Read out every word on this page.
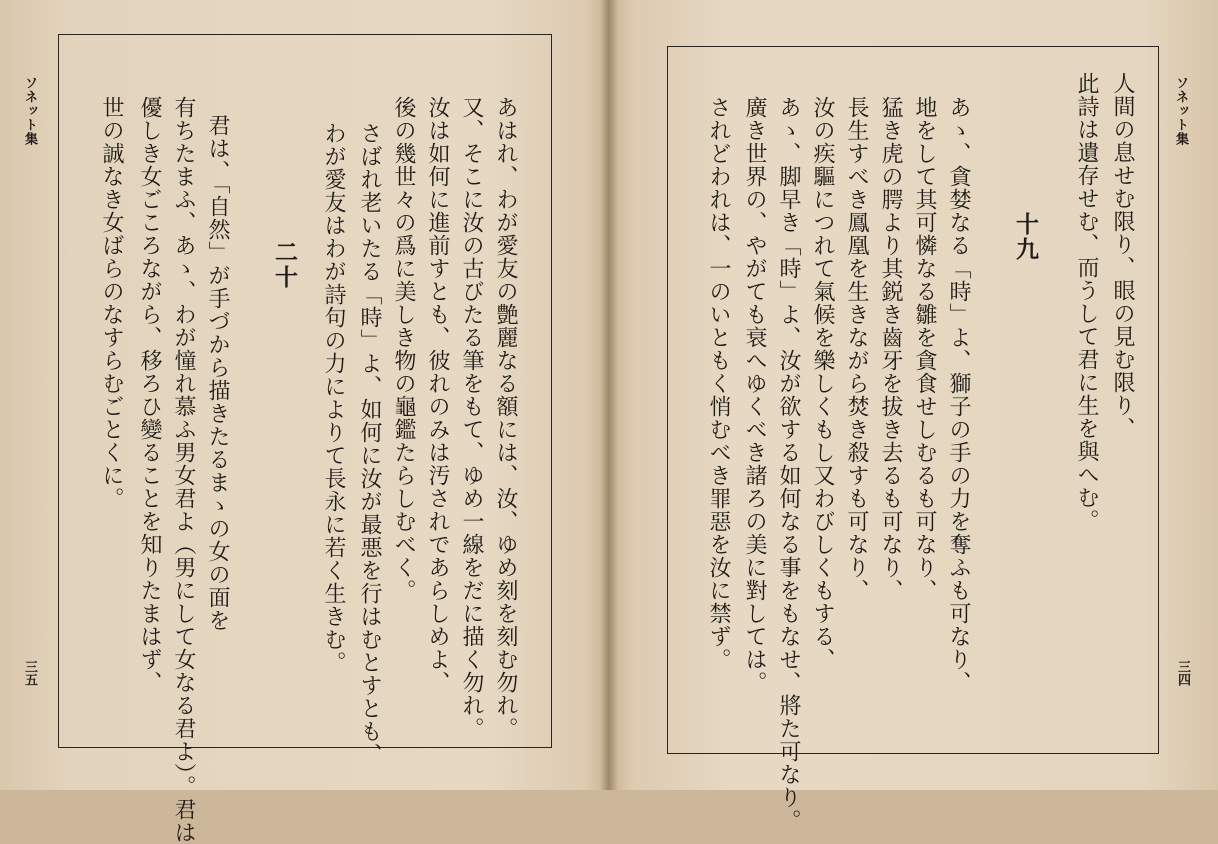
ソネット集
三五	あはれ、わが愛友の艶麗なる額には、汝、ゆめ刻を刻む勿れ。
又、そこに汝の古びたる筆をもて、ゆめ一線をだに描く勿れ。
汝は如何に進前すとも、彼れのみは汚されであらしめよ、
後の幾世々の爲に美しき物の龜鑑たらしむべく。
さばれ老いたる「時」よ、如何に汝が最悪を行はむとすとも、
わが愛友はわが詩句の力によりて長永に若く生きむ。
二十
君は、「自然」が手づから描きたるまゝの女の面を
有ちたまふ、あゝ、わが憧れ慕ふ男女君よ（男にして女なる君よ）。君は
優しき女ごころながら、移ろひ變ることを知りたまはず、
世の誠なき女ばらのなすらむごとくに。	ソネット集
三四
人間の息せむ限り、眼の見む限り、
此詩は遺存せむ、而うして君に生を與へむ。
十九
あゝ、貪婪なる「時」よ、獅子の手の力を奪ふも可なり、
地をして其可憐なる雛を貪食せしむるも可なり、
猛き虎の腭より其鋭き齒牙を拔き去るも可なり、
長生すべき鳳凰を生きながら焚き殺すも可なり、
汝の疾驅につれて氣候を樂しくもし又わびしくもする、
あゝ、脚早き「時」よ、汝が欲する如何なる事をもなせ、將た可なり。
廣き世界の、やがても衰へゆくべき諸ろの美に對しては。
されどわれは、一のいともく悄むべき罪惡を汝に禁ず。
